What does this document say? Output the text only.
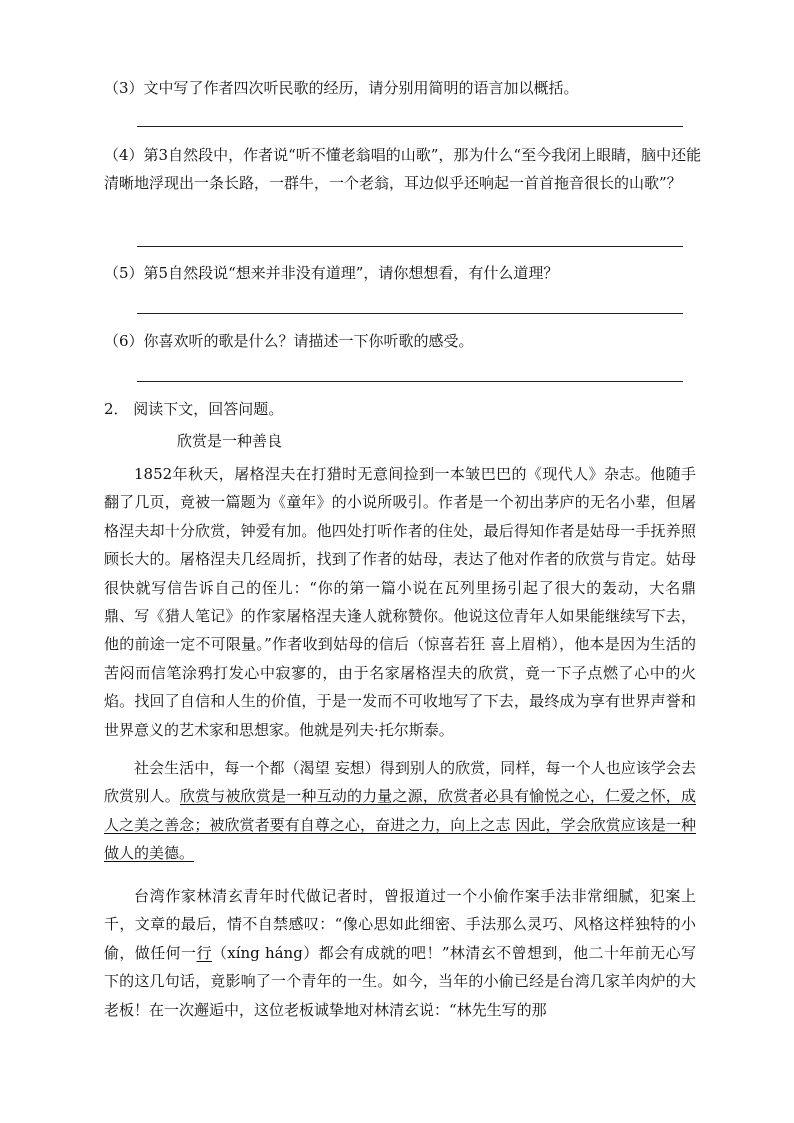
（3）文中写了作者四次听民歌的经历，请分别用简明的语言加以概括。

（4）第3自然段中，作者说“听不懂老翁唱的山歌”，那为什么“至今我闭上眼睛，脑中还能清晰地浮现出一条长路，一群牛，一个老翁，耳边似乎还响起一首首拖音很长的山歌”？

（5）第5自然段说“想来并非没有道理”，请你想想看，有什么道理？

（6）你喜欢听的歌是什么？请描述一下你听歌的感受。

2． 阅读下文，回答问题。

欣赏是一种善良

1852年秋天，屠格涅夫在打猎时无意间捡到一本皱巴巴的《现代人》杂志。他随手翻了几页，竟被一篇题为《童年》的小说所吸引。作者是一个初出茅庐的无名小辈，但屠格涅夫却十分欣赏，钟爱有加。他四处打听作者的住处，最后得知作者是姑母一手抚养照顾长大的。屠格涅夫几经周折，找到了作者的姑母，表达了他对作者的欣赏与肯定。姑母很快就写信告诉自己的侄儿：“你的第一篇小说在瓦列里扬引起了很大的轰动，大名鼎鼎、写《猎人笔记》的作家屠格涅夫逢人就称赞你。他说这位青年人如果能继续写下去，他的前途一定不可限量。”作者收到姑母的信后（惊喜若狂 喜上眉梢），他本是因为生活的苦闷而信笔涂鸦打发心中寂寥的，由于名家屠格涅夫的欣赏，竟一下子点燃了心中的火焰。找回了自信和人生的价值，于是一发而不可收地写了下去，最终成为享有世界声誉和世界意义的艺术家和思想家。他就是列夫·托尔斯泰。

社会生活中，每一个都（渴望 妄想）得到别人的欣赏，同样，每一个人也应该学会去欣赏别人。欣赏与被欣赏是一种互动的力量之源，欣赏者必具有愉悦之心，仁爱之怀，成人之美之善念；被欣赏者要有自尊之心，奋进之力，向上之志 因此，学会欣赏应该是一种做人的美德。

台湾作家林清玄青年时代做记者时，曾报道过一个小偷作案手法非常细腻，犯案上千，文章的最后，情不自禁感叹：“像心思如此细密、手法那么灵巧、风格这样独特的小偷，做任何一行（xíng háng）都会有成就的吧！”林清玄不曾想到，他二十年前无心写下的这几句话，竟影响了一个青年的一生。如今，当年的小偷已经是台湾几家羊肉炉的大老板！在一次邂逅中，这位老板诚挚地对林清玄说：“林先生写的那
